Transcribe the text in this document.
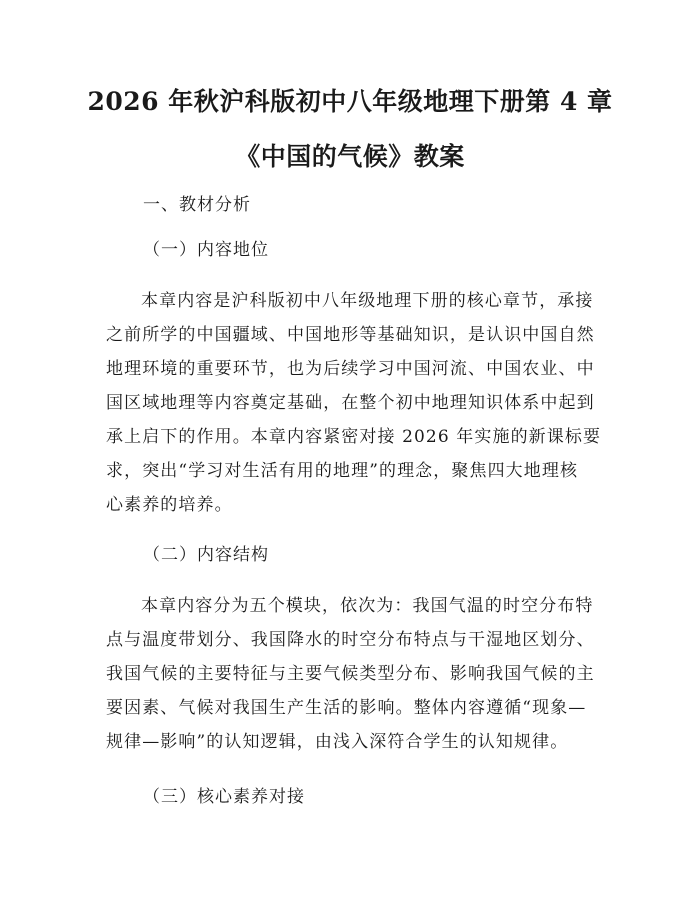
2026 年秋沪科版初中八年级地理下册第 4 章
《中国的气候》教案

一、教材分析

（一）内容地位

本章内容是沪科版初中八年级地理下册的核心章节，承接
之前所学的中国疆域、中国地形等基础知识，是认识中国自然
地理环境的重要环节，也为后续学习中国河流、中国农业、中
国区域地理等内容奠定基础，在整个初中地理知识体系中起到
承上启下的作用。本章内容紧密对接 2026 年实施的新课标要
求，突出“学习对生活有用的地理”的理念，聚焦四大地理核
心素养的培养。

（二）内容结构

本章内容分为五个模块，依次为：我国气温的时空分布特
点与温度带划分、我国降水的时空分布特点与干湿地区划分、
我国气候的主要特征与主要气候类型分布、影响我国气候的主
要因素、气候对我国生产生活的影响。整体内容遵循“现象—
规律—影响”的认知逻辑，由浅入深符合学生的认知规律。

（三）核心素养对接
